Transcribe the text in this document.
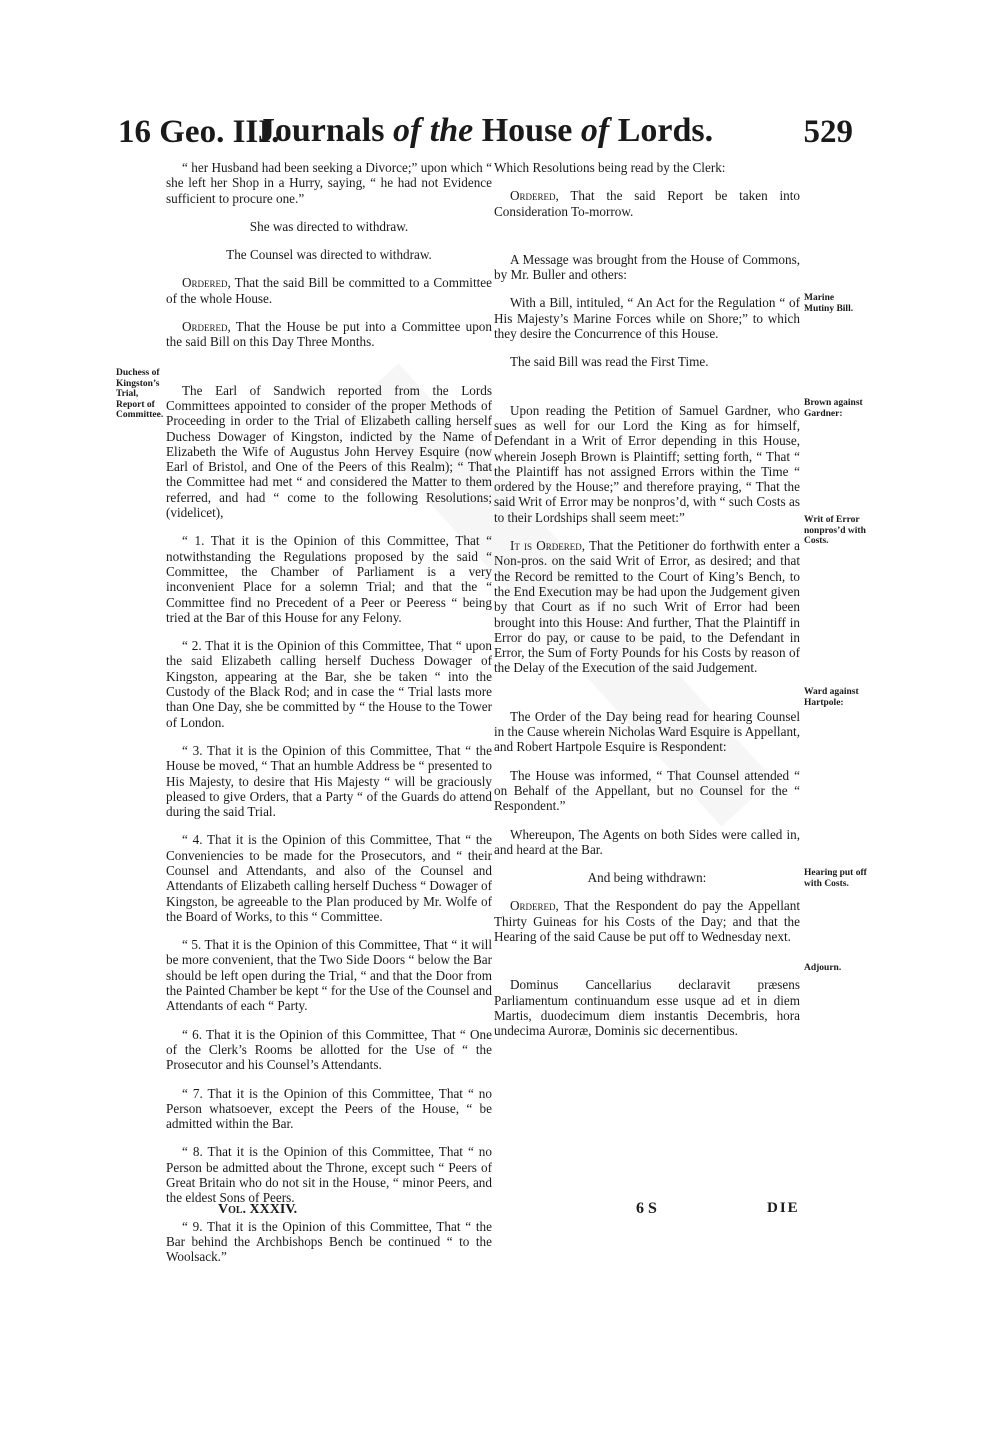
16 Geo. III.
Journals of the House of Lords.	529

“ her Husband had been seeking a Divorce;” upon which “ she left her Shop in a Hurry, saying, “ he had not Evidence sufficient to procure one.”

She was directed to withdraw.

The Counsel was directed to withdraw.

Ordered, That the said Bill be committed to a Committee of the whole House.

Ordered, That the House be put into a Committee upon the said Bill on this Day Three Months.

The Earl of Sandwich reported from the Lords Committees appointed to consider of the proper Methods of Proceeding in order to the Trial of Elizabeth calling herself Duchess Dowager of Kingston, indicted by the Name of Elizabeth the Wife of Augustus John Hervey Esquire (now Earl of Bristol, and One of the Peers of this Realm); “ That the Committee had met “ and considered the Matter to them referred, and had “ come to the following Resolutions; (videlicet),

“ 1. That it is the Opinion of this Committee, That “ notwithstanding the Regulations proposed by the said “ Committee, the Chamber of Parliament is a very inconvenient Place for a solemn Trial; and that the “ Committee find no Precedent of a Peer or Peeress “ being tried at the Bar of this House for any Felony.

“ 2. That it is the Opinion of this Committee, That “ upon the said Elizabeth calling herself Duchess Dowager of Kingston, appearing at the Bar, she be taken “ into the Custody of the Black Rod; and in case the “ Trial lasts more than One Day, she be committed by “ the House to the Tower of London.

“ 3. That it is the Opinion of this Committee, That “ the House be moved, “ That an humble Address be “ presented to His Majesty, to desire that His Majesty “ will be graciously pleased to give Orders, that a Party “ of the Guards do attend during the said Trial.

“ 4. That it is the Opinion of this Committee, That “ the Conveniencies to be made for the Prosecutors, and “ their Counsel and Attendants, and also of the Counsel and Attendants of Elizabeth calling herself Duchess “ Dowager of Kingston, be agreeable to the Plan produced by Mr. Wolfe of the Board of Works, to this “ Committee.

“ 5. That it is the Opinion of this Committee, That “ it will be more convenient, that the Two Side Doors “ below the Bar should be left open during the Trial, “ and that the Door from the Painted Chamber be kept “ for the Use of the Counsel and Attendants of each “ Party.

“ 6. That it is the Opinion of this Committee, That “ One of the Clerk’s Rooms be allotted for the Use of “ the Prosecutor and his Counsel’s Attendants.

“ 7. That it is the Opinion of this Committee, That “ no Person whatsoever, except the Peers of the House, “ be admitted within the Bar.

“ 8. That it is the Opinion of this Committee, That “ no Person be admitted about the Throne, except such “ Peers of Great Britain who do not sit in the House, “ minor Peers, and the eldest Sons of Peers.

“ 9. That it is the Opinion of this Committee, That “ the Bar behind the Archbishops Bench be continued “ to the Woolsack.”

Which Resolutions being read by the Clerk:

Ordered, That the said Report be taken into Consideration To-morrow.

A Message was brought from the House of Commons, by Mr. Buller and others:

With a Bill, intituled, “ An Act for the Regulation “ of His Majesty’s Marine Forces while on Shore;” to which they desire the Concurrence of this House.

The said Bill was read the First Time.

Upon reading the Petition of Samuel Gardner, who sues as well for our Lord the King as for himself, Defendant in a Writ of Error depending in this House, wherein Joseph Brown is Plaintiff; setting forth, “ That “ the Plaintiff has not assigned Errors within the Time “ ordered by the House;” and therefore praying, “ That the said Writ of Error may be nonpros’d, with “ such Costs as to their Lordships shall seem meet:”

It is Ordered, That the Petitioner do forthwith enter a Non-pros. on the said Writ of Error, as desired; and that the Record be remitted to the Court of King’s Bench, to the End Execution may be had upon the Judgement given by that Court as if no such Writ of Error had been brought into this House: And further, That the Plaintiff in Error do pay, or cause to be paid, to the Defendant in Error, the Sum of Forty Pounds for his Costs by reason of the Delay of the Execution of the said Judgement.

The Order of the Day being read for hearing Counsel in the Cause wherein Nicholas Ward Esquire is Appellant, and Robert Hartpole Esquire is Respondent:

The House was informed, “ That Counsel attended “ on Behalf of the Appellant, but no Counsel for the “ Respondent.”

Whereupon, The Agents on both Sides were called in, and heard at the Bar.

And being withdrawn:

Ordered, That the Respondent do pay the Appellant Thirty Guineas for his Costs of the Day; and that the Hearing of the said Cause be put off to Wednesday next.

Dominus Cancellarius declaravit præsens Parliamentum continuandum esse usque ad et in diem Martis, duodecimum diem instantis Decembris, hora undecima Auroræ, Dominis sic decernentibus.

Duchess of Kingston’s Trial, Report of Committee.
Marine Mutiny Bill.
Brown against Gardner:
Writ of Error nonpros’d with Costs.
Ward against Hartpole:
Hearing put off with Costs.
Adjourn.
Vol. XXXIV.	6 S	DIE
